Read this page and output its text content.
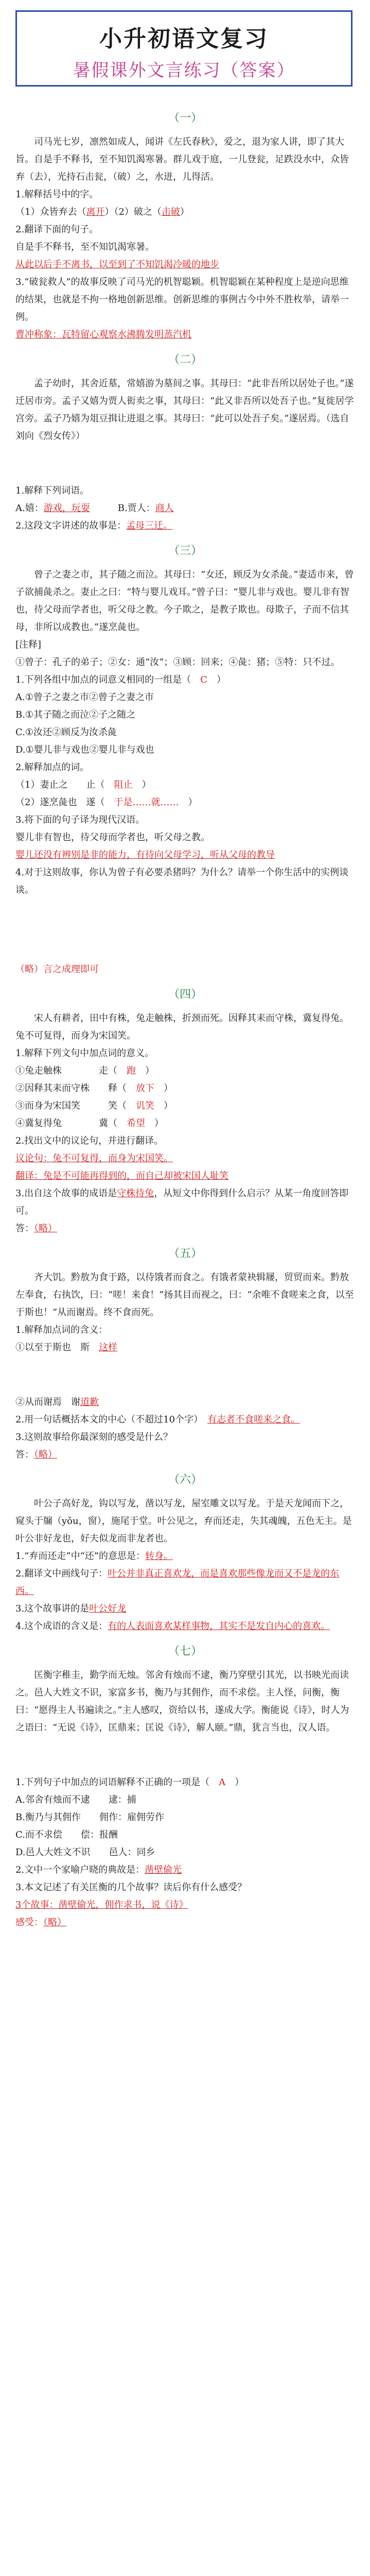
小升初语文复习
暑假课外文言练习（答案）
（一）

司马光七岁，凛然如成人，闻讲《左氏春秋》，爱之，退为家人讲，即了其大旨。自是手不释书，至不知饥渴寒暑。群儿戏于庭，一儿登瓮，足跌没水中，众皆弃（去），光持石击瓮，（破）之，水迸，儿得活。

1.解释括号中的字。

（1）众皆弃去（离开）（2）破之（击破）

2.翻译下面的句子。

自是手不释书，至不知饥渴寒暑。

从此以后手不离书，以至到了不知饥渴冷暖的地步

3.“破瓮救人”的故事反映了司马光的机智聪颖。机智聪颖在某种程度上是逆向思维的结果，也就是不拘一格地创新思维。创新思维的事例古今中外不胜枚举，请举一例。

曹冲称象：瓦特留心观察水沸腾发明蒸汽机

（二）

孟子幼时，其舍近墓，常嬉游为墓间之事。其母曰：“此非吾所以居处子也。”遂迁居市旁。孟子又嬉为贾人衒卖之事，其母曰：“此又非吾所以处吾子也。”复徙居学宫旁。孟子乃嬉为俎豆揖让进退之事。其母曰：“此可以处吾子矣。”遂居焉。（选自刘向《烈女传》）

1.解释下列词语。

A.嬉：游戏，玩耍　　　	B.贾人：商人

2.这段文字讲述的故事是：孟母三迁。

（三）

曾子之妻之市，其子随之而泣。其母曰：“女还，顾反为女杀彘。”妻适市来，曾子欲捕彘杀之。妻止之曰：“特与婴儿戏耳。”曾子曰：“婴儿非与戏也。婴儿非有智也，待父母而学者也，听父母之教。今子欺之，是教子欺也。母欺子，子而不信其母，非所以成教也。”遂烹彘也。

[注释]

①曾子：孔子的弟子；②女：通“汝”；③顾：回来；④彘：猪；⑤特：只不过。

1.下列各组中加点的词意义相同的一组是（　 C　 ）

A.①曾子之妻之市②曾子之妻之市

B.①其子随之而泣②子之随之

C.①汝还②顾反为汝杀彘

D.①婴儿非与戏也②婴儿非与戏也

2.解释加点的词。

（1）妻止之　　 止（　 阻止　 ）

（2）遂烹彘也　 遂（　 于是……就……　 ）

3.将下面的句子译为现代汉语。

婴儿非有智也，待父母而学者也，听父母之教。

婴儿还没有辨别是非的能力，有待向父母学习，听从父母的教导

4.对于这则故事，你认为曾子有必要杀猪吗？为什么？请举一个你生活中的实例谈谈。

（略）言之成理即可

（四）

宋人有耕者，田中有株，兔走触株，折颈而死。因释其耒而守株，冀复得兔。兔不可复得，而身为宋国笑。

1.解释下列文句中加点词的意义。

①兔走触株　　　　	走（　 跑　 ）

②因释其耒而守株　　 释（　 放下　 ）

③而身为宋国笑　　　	笑（　 讥笑　 ）

④冀复得兔　　　　	冀（　 希望　 ）

2.找出文中的议论句，并进行翻译。

议论句：兔不可复得，而身为宋国笑。

翻译：兔是不可能再得到的，而自己却被宋国人耻笑

3.出自这个故事的成语是守株待兔，从短文中你得到什么启示？从某一角度回答即可。

答：（略）

（五）

齐大饥。黔敖为食于路，以待饿者而食之。有饿者蒙袂辑屦，贸贸而来。黔敖左奉食，右执饮，曰：“嗟！来食！”扬其目而视之，曰：“余唯不食嗟来之食，以至于斯也！”从而谢焉。终不食而死。

1.解释加点词的含义：

①以至于斯也　 斯　 这样

②从而谢焉　 谢道歉

2.用一句话概括本文的中心（不超过10个字）　 有志者不食嗟来之食。

3.这则故事给你最深刻的感受是什么？

答：（略）

（六）

叶公子高好龙，钩以写龙，凿以写龙，屋室雕文以写龙。于是天龙闻而下之，窥头于牖（yǒu，窗），施尾于堂。叶公见之，弃而还走，失其魂魄，五色无主。是叶公非好龙也，好夫似龙而非龙者也。

1.“弃而还走”中“还”的意思是：转身。

2.翻译文中画线句子：叶公并非真正喜欢龙，而是喜欢那些像龙而又不是龙的东西。

3.这个故事讲的是叶公好龙

4.这个成语的含义是：有的人表面喜欢某样事物，其实不是发自内心的喜欢。

（七）

匡衡字稚圭，勤学而无烛。邻舍有烛而不逮，衡乃穿壁引其光，以书映光而读之。邑人大姓文不识，家富多书，衡乃与其佣作，而不求偿。主人怪，问衡，衡曰：“愿得主人书遍读之。”主人感叹，资给以书，遂成大学。衡能说《诗》，时人为之语曰：“无说《诗》，匡鼎来；匡说《诗》，解人颐。”鼎，犹言当也，汉人语。

1.下列句子中加点的词语解释不正确的一项是（　 A　 ）

A.邻舍有烛而不逮　　逮：捕

B.衡乃与其佣作　　佣作：雇佣劳作

C.而不求偿　　偿：报酬

D.邑人大姓文不识　　邑人：同乡

2.文中一个家喻户晓的典故是：凿壁偷光

3.本文记述了有关匡衡的几个故事？读后你有什么感受？

3个故事：凿壁偷光，佣作求书，说《诗》

感受：（略）
